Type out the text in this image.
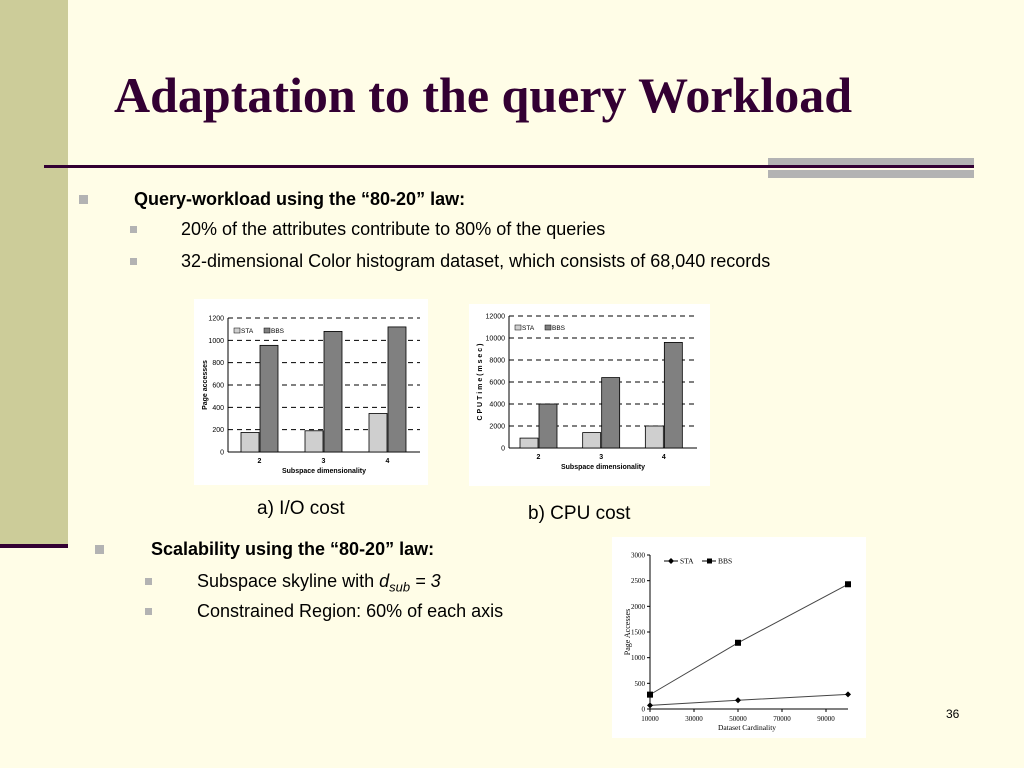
Adaptation to the query Workload
Query-workload using the “80-20” law:
20% of the attributes contribute to 80% of the queries
32-dimensional Color histogram dataset, which consists of 68,040 records
0
200
400
600
800
1000
1200
2	3	4
Subspace dimensionality
Page accesses
STA	BBS
a) I/O cost
0
2000
4000
6000
8000
10000
12000
2	3	4
Subspace dimensionality
C P U T i m e ( m s e c )
STA	BBS
b) CPU cost
Scalability using the “80-20” law:
Subspace skyline with $d_{sub} = 3$
Constrained Region: 60% of each axis
0
500
1000
1500
2000
2500
3000
10000	30000	50000	70000	90000
Dataset Cardinality
Page Accesses
STA	BBS
36
